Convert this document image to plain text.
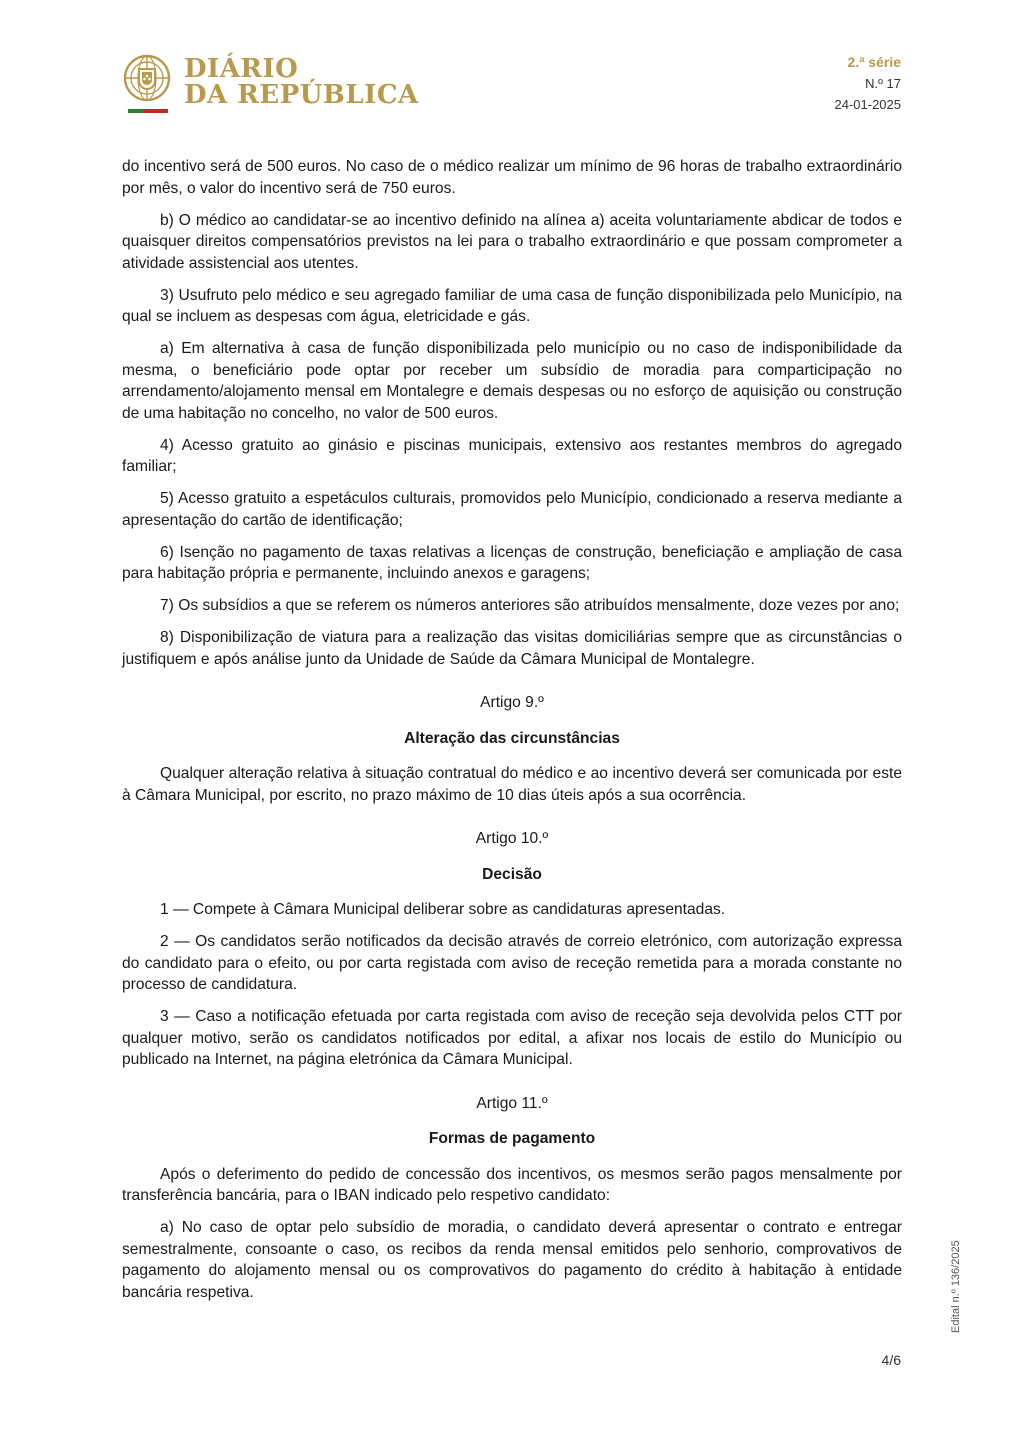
DIÁRIO
DA REPÚBLICA
2.ª série
N.º 17
24-01-2025

do incentivo será de 500 euros. No caso de o médico realizar um mínimo de 96 horas de trabalho extraordinário por mês, o valor do incentivo será de 750 euros.

b) O médico ao candidatar-se ao incentivo definido na alínea a) aceita voluntariamente abdicar de todos e quaisquer direitos compensatórios previstos na lei para o trabalho extraordinário e que possam comprometer a atividade assistencial aos utentes.

3) Usufruto pelo médico e seu agregado familiar de uma casa de função disponibilizada pelo Município, na qual se incluem as despesas com água, eletricidade e gás.

a) Em alternativa à casa de função disponibilizada pelo município ou no caso de indisponibilidade da mesma, o beneficiário pode optar por receber um subsídio de moradia para comparticipação no arrendamento/alojamento mensal em Montalegre e demais despesas ou no esforço de aquisição ou construção de uma habitação no concelho, no valor de 500 euros.

4) Acesso gratuito ao ginásio e piscinas municipais, extensivo aos restantes membros do agregado familiar;

5) Acesso gratuito a espetáculos culturais, promovidos pelo Município, condicionado a reserva mediante a apresentação do cartão de identificação;

6) Isenção no pagamento de taxas relativas a licenças de construção, beneficiação e ampliação de casa para habitação própria e permanente, incluindo anexos e garagens;

7) Os subsídios a que se referem os números anteriores são atribuídos mensalmente, doze vezes por ano;

8) Disponibilização de viatura para a realização das visitas domiciliárias sempre que as circunstâncias o justifiquem e após análise junto da Unidade de Saúde da Câmara Municipal de Montalegre.

Artigo 9.º
Alteração das circunstâncias

Qualquer alteração relativa à situação contratual do médico e ao incentivo deverá ser comunicada por este à Câmara Municipal, por escrito, no prazo máximo de 10 dias úteis após a sua ocorrência.

Artigo 10.º
Decisão

1 — Compete à Câmara Municipal deliberar sobre as candidaturas apresentadas.

2 — Os candidatos serão notificados da decisão através de correio eletrónico, com autorização expressa do candidato para o efeito, ou por carta registada com aviso de receção remetida para a morada constante no processo de candidatura.

3 — Caso a notificação efetuada por carta registada com aviso de receção seja devolvida pelos CTT por qualquer motivo, serão os candidatos notificados por edital, a afixar nos locais de estilo do Município ou publicado na Internet, na página eletrónica da Câmara Municipal.

Artigo 11.º
Formas de pagamento

Após o deferimento do pedido de concessão dos incentivos, os mesmos serão pagos mensalmente por transferência bancária, para o IBAN indicado pelo respetivo candidato:

a) No caso de optar pelo subsídio de moradia, o candidato deverá apresentar o contrato e entregar semestralmente, consoante o caso, os recibos da renda mensal emitidos pelo senhorio, comprovativos de pagamento do alojamento mensal ou os comprovativos do pagamento do crédito à habitação à entidade bancária respetiva.	Edital n.º 136/2025
4/6
